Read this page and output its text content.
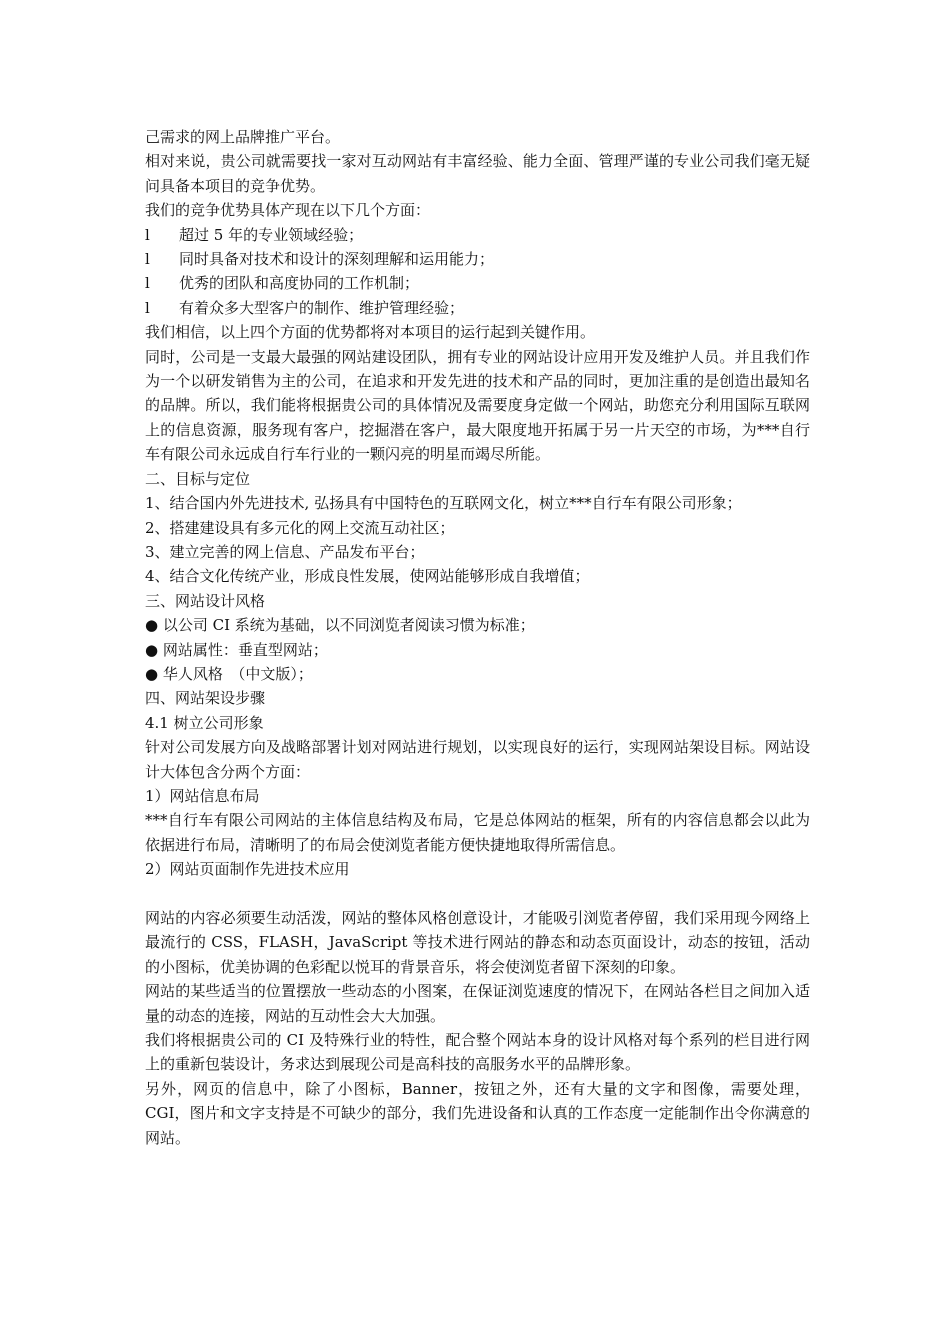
己需求的网上品牌推广平台。

相对来说，贵公司就需要找一家对互动网站有丰富经验、能力全面、管理严谨的专业公司我们毫无疑问具备本项目的竞争优势。

我们的竞争优势具体产现在以下几个方面：

l	超过 5 年的专业领域经验；
l	同时具备对技术和设计的深刻理解和运用能力；
l	优秀的团队和高度协同的工作机制；
l	有着众多大型客户的制作、维护管理经验；

我们相信，以上四个方面的优势都将对本项目的运行起到关键作用。

同时，公司是一支最大最强的网站建设团队，拥有专业的网站设计应用开发及维护人员。并且我们作为一个以研发销售为主的公司，在追求和开发先进的技术和产品的同时，更加注重的是创造出最知名的品牌。所以，我们能将根据贵公司的具体情况及需要度身定做一个网站，助您充分利用国际互联网上的信息资源，服务现有客户，挖掘潜在客户，最大限度地开拓属于另一片天空的市场，为***自行车有限公司永远成自行车行业的一颗闪亮的明星而竭尽所能。

二、目标与定位

1、结合国内外先进技术, 弘扬具有中国特色的互联网文化，树立***自行车有限公司形象；

2、搭建建设具有多元化的网上交流互动社区；

3、建立完善的网上信息、产品发布平台；

4、结合文化传统产业，形成良性发展，使网站能够形成自我增值；

三、网站设计风格

● 以公司 CI 系统为基础，以不同浏览者阅读习惯为标准；

● 网站属性：垂直型网站；

● 华人风格　（中文版）；

四、网站架设步骤

4.1 树立公司形象

针对公司发展方向及战略部署计划对网站进行规划，以实现良好的运行，实现网站架设目标。网站设计大体包含分两个方面：

1）网站信息布局

***自行车有限公司网站的主体信息结构及布局，它是总体网站的框架，所有的内容信息都会以此为依据进行布局，清晰明了的布局会使浏览者能方便快捷地取得所需信息。

2）网站页面制作先进技术应用

网站的内容必须要生动活泼，网站的整体风格创意设计，才能吸引浏览者停留，我们采用现今网络上最流行的 CSS，FLASH，JavaScript 等技术进行网站的静态和动态页面设计，动态的按钮，活动的小图标，优美协调的色彩配以悦耳的背景音乐，将会使浏览者留下深刻的印象。

网站的某些适当的位置摆放一些动态的小图案，在保证浏览速度的情况下，在网站各栏目之间加入适量的动态的连接，网站的互动性会大大加强。

我们将根据贵公司的 CI 及特殊行业的特性，配合整个网站本身的设计风格对每个系列的栏目进行网上的重新包装设计，务求达到展现公司是高科技的高服务水平的品牌形象。

另外，网页的信息中，除了小图标，Banner，按钮之外，还有大量的文字和图像，需要处理，CGI，图片和文字支持是不可缺少的部分，我们先进设备和认真的工作态度一定能制作出令你满意的网站。
